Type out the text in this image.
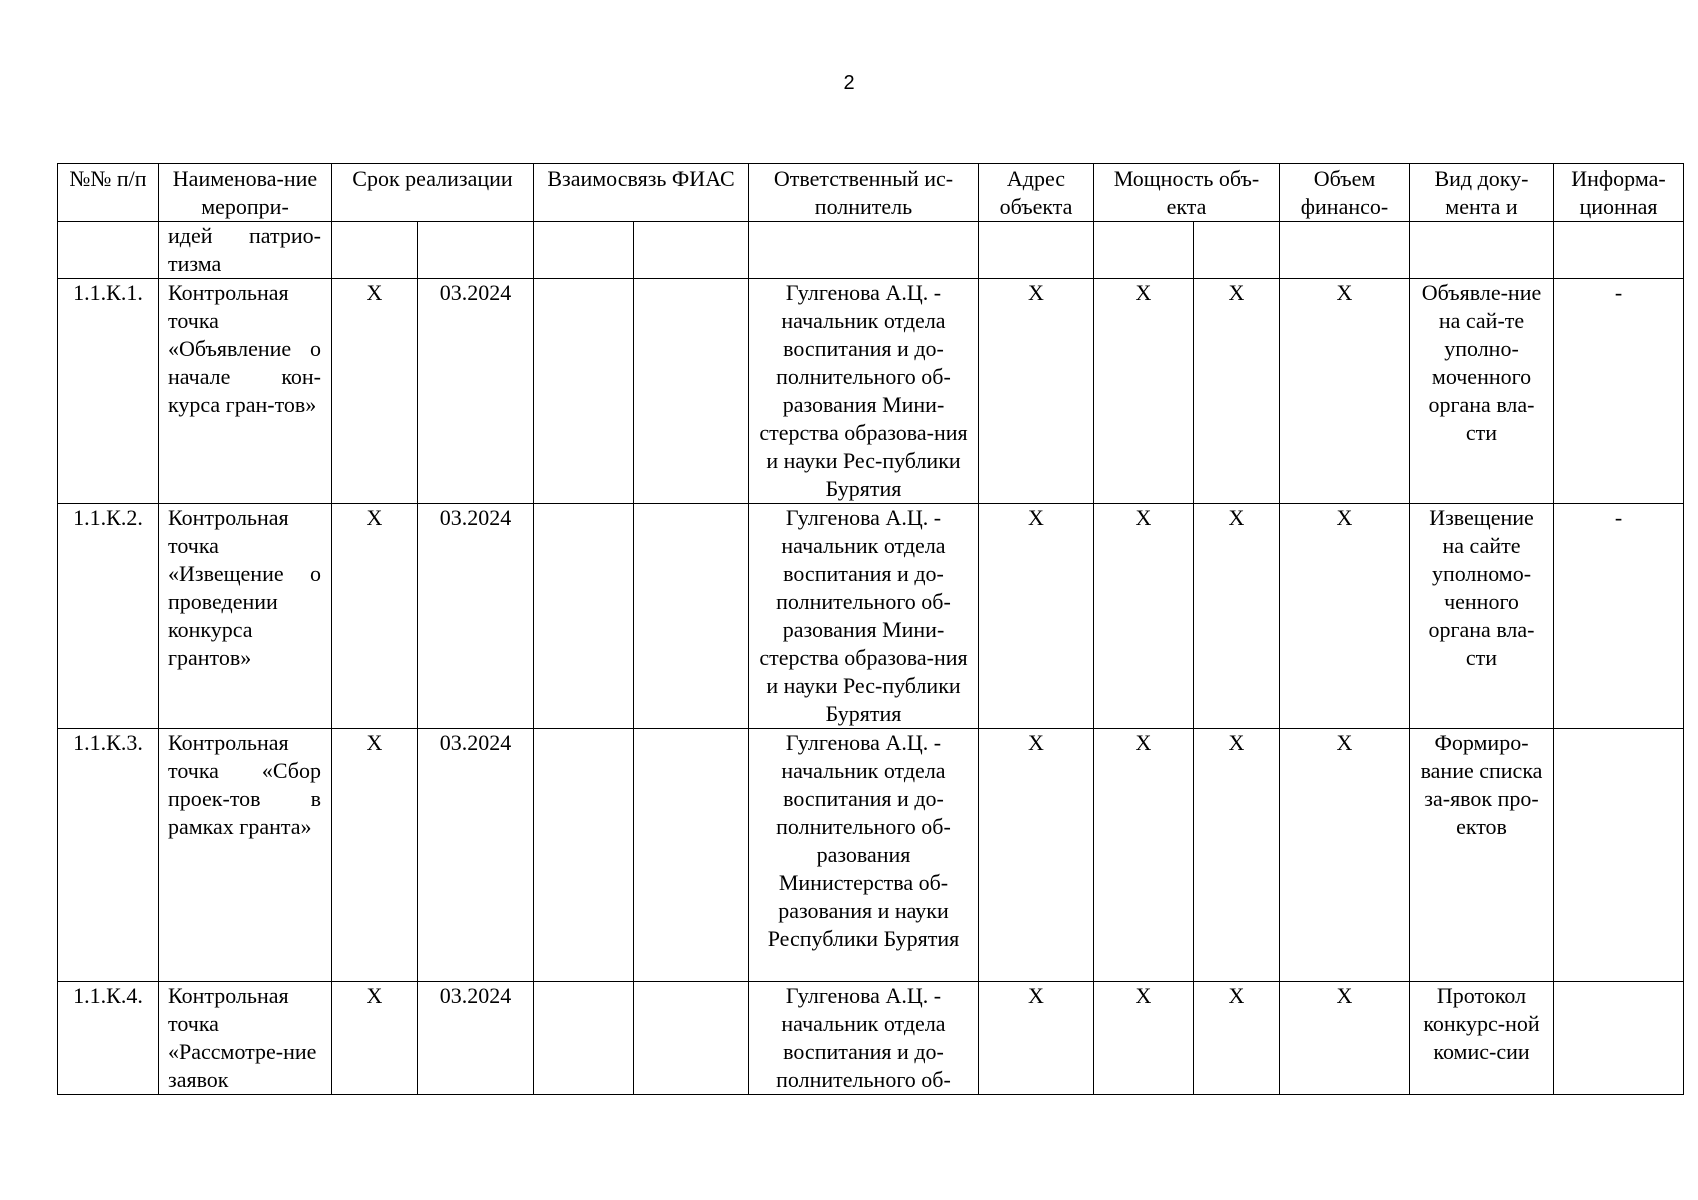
2
№№ п/п	Наименова-ние меропри-	Срок реализации		Взаимосвязь ФИАС		Ответственный ис-полнитель	Адрес объекта	Мощность объ-екта		Объем финансо-	Вид доку-мента и	Информа-ционная
	идей патрио-тизма											
1.1.К.1.	Контрольная точка «Объявление о начале кон-курса гран-тов»	X	03.2024			Гулгенова А.Ц. - начальник отдела воспитания и до-полнительного об-разования Мини-стерства образова-ния и науки Рес-публики Бурятия	X	X	X	X	Объявле-ние на сай-те уполно-моченного органа вла-сти	-
1.1.К.2.	Контрольная точка «Извещение о проведении конкурса грантов»	X	03.2024			Гулгенова А.Ц. - начальник отдела воспитания и до-полнительного об-разования Мини-стерства образова-ния и науки Рес-публики Бурятия	X	X	X	X	Извещение на сайте уполномо-ченного органа вла-сти	-
1.1.К.3.	Контрольная точка «Сбор проек-тов в рамках гранта»	X	03.2024			Гулгенова А.Ц. - начальник отдела воспитания и до-полнительного об-разования Министерства об-разования и науки Республики Бурятия	X	X	X	X	Формиро-вание списка за-явок про-ектов	
1.1.К.4.	Контрольная точка «Рассмотре-ние заявок	X	03.2024			Гулгенова А.Ц. - начальник отдела воспитания и до-полнительного об-	X	X	X	X	Протокол конкурс-ной комис-сии	
